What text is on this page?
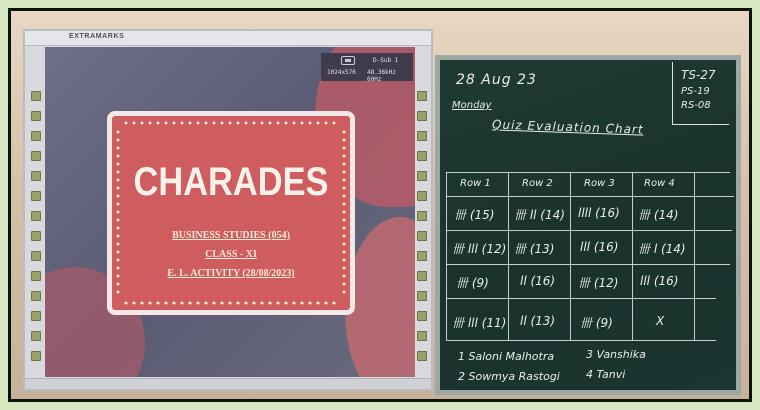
EXTRAMARKS
D-Sub 1
1024x576 48.36kHz 60Hz
CHARADES
BUSINESS STUDIES (054)
CLASS - XI
E. L. ACTIVITY (28/08/2023)
28 Aug 23
Monday
Quiz Evaluation Chart
TS-27
PS-19
RS-08
Row 1	Row 2	Row 3	Row 4
卌 (15) 卌 ll (14) llll (16) 卌 (14)
卌 lll (12) 卌 (13) lll (16) 卌 l (14)
卌 (9)	ll (16) 卌 (12) lll (16)
卌 lll (11) ll (13) 卌 (9)	X
1 Saloni Malhotra
2 Sowmya Rastogi
3 Vanshika
4 Tanvi
